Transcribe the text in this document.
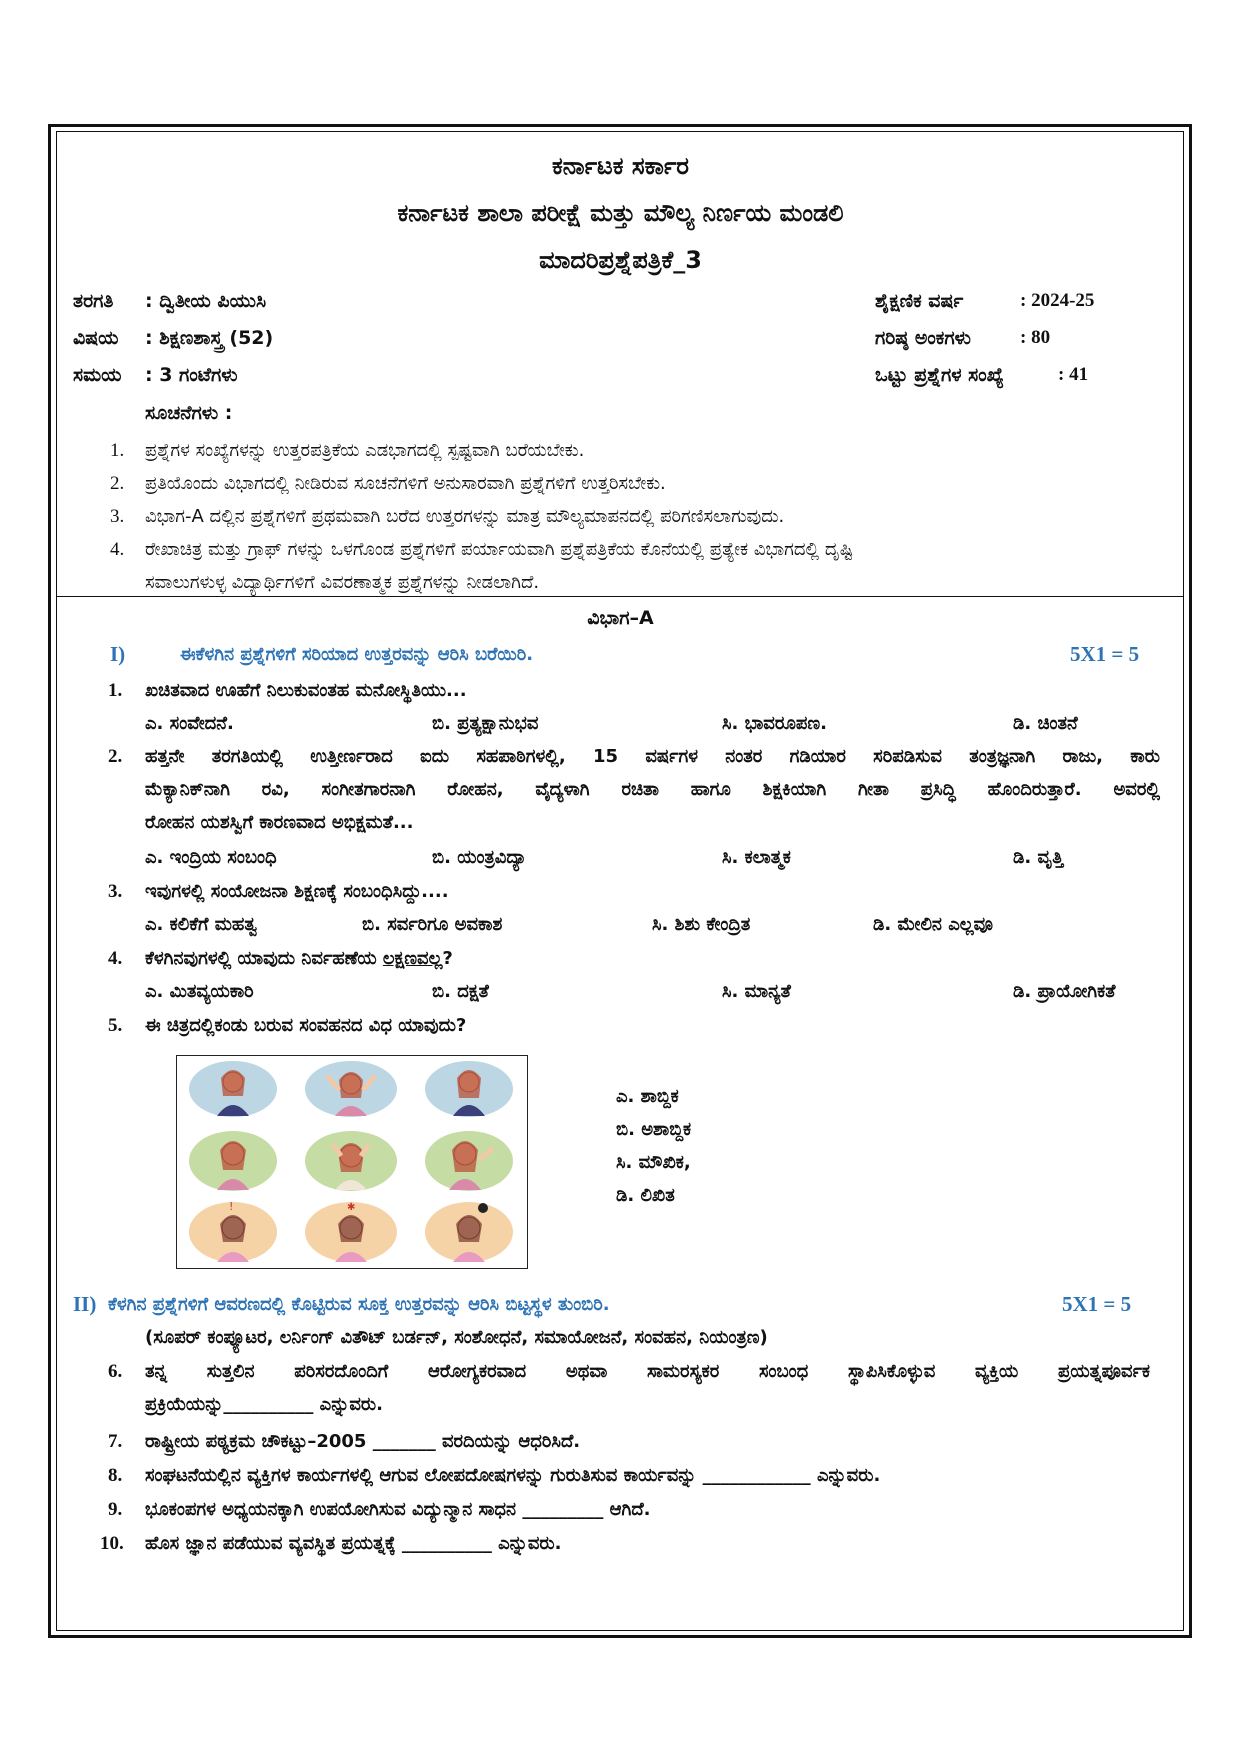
ಕರ್ನಾಟಕ ಸರ್ಕಾರ
ಕರ್ನಾಟಕ ಶಾಲಾ ಪರೀಕ್ಷೆ ಮತ್ತು ಮೌಲ್ಯ ನಿರ್ಣಯ ಮಂಡಲಿ
ಮಾದರಿಪ್ರಶ್ನೆಪತ್ರಿಕೆ_3
ತರಗತಿ : ದ್ವಿತೀಯ ಪಿಯುಸಿ
ವಿಷಯ : ಶಿಕ್ಷಣಶಾಸ್ತ್ರ (52)
ಸಮಯ : 3 ಗಂಟೆಗಳು
ಶೈಕ್ಷಣಿಕ ವರ್ಷ	: 2024-25
ಗರಿಷ್ಠ ಅಂಕಗಳು	: 80
ಒಟ್ಟು ಪ್ರಶ್ನೆಗಳ ಸಂಖ್ಯೆ	: 41
ಸೂಚನೆಗಳು :
1. ಪ್ರಶ್ನೆಗಳ ಸಂಖ್ಯೆಗಳನ್ನು ಉತ್ತರಪತ್ರಿಕೆಯ ಎಡಭಾಗದಲ್ಲಿ ಸ್ಪಷ್ಟವಾಗಿ ಬರೆಯಬೇಕು.
2. ಪ್ರತಿಯೊಂದು ವಿಭಾಗದಲ್ಲಿ ನೀಡಿರುವ ಸೂಚನೆಗಳಿಗೆ ಅನುಸಾರವಾಗಿ ಪ್ರಶ್ನೆಗಳಿಗೆ ಉತ್ತರಿಸಬೇಕು.
3. ವಿಭಾಗ-A ದಲ್ಲಿನ ಪ್ರಶ್ನೆಗಳಿಗೆ ಪ್ರಥಮವಾಗಿ ಬರೆದ ಉತ್ತರಗಳನ್ನು ಮಾತ್ರ ಮೌಲ್ಯಮಾಪನದಲ್ಲಿ ಪರಿಗಣಿಸಲಾಗುವುದು.
4. ರೇಖಾಚಿತ್ರ ಮತ್ತು ಗ್ರಾಫ್ ಗಳನ್ನು ಒಳಗೊಂಡ ಪ್ರಶ್ನೆಗಳಿಗೆ ಪರ್ಯಾಯವಾಗಿ ಪ್ರಶ್ನೆಪತ್ರಿಕೆಯ ಕೊನೆಯಲ್ಲಿ ಪ್ರತ್ಯೇಕ ವಿಭಾಗದಲ್ಲಿ ದೃಷ್ಟಿ
ಸವಾಲುಗಳುಳ್ಳ ವಿದ್ಯಾರ್ಥಿಗಳಿಗೆ ವಿವರಣಾತ್ಮಕ ಪ್ರಶ್ನೆಗಳನ್ನು ನೀಡಲಾಗಿದೆ.
ವಿಭಾಗ–A
I)	ಈಕೆಳಗಿನ ಪ್ರಶ್ನೆಗಳಿಗೆ ಸರಿಯಾದ ಉತ್ತರವನ್ನು ಆರಿಸಿ ಬರೆಯಿರಿ.	5X1 = 5
1. ಖಚಿತವಾದ ಊಹೆಗೆ ನಿಲುಕುವಂತಹ ಮನೋಸ್ಥಿತಿಯು...
ಎ. ಸಂವೇದನೆ.	ಬಿ. ಪ್ರತ್ಯಕ್ಷಾನುಭವ	ಸಿ. ಭಾವರೂಪಣ.	ಡಿ. ಚಿಂತನೆ
2. ಹತ್ತನೇ ತರಗತಿಯಲ್ಲಿ ಉತ್ತೀರ್ಣರಾದ ಐದು ಸಹಪಾಠಿಗಳಲ್ಲಿ, 15 ವರ್ಷಗಳ ನಂತರ ಗಡಿಯಾರ ಸರಿಪಡಿಸುವ ತಂತ್ರಜ್ಞನಾಗಿ ರಾಜು, ಕಾರು
ಮೆಕ್ಯಾನಿಕ್‌ನಾಗಿ ರವಿ, ಸಂಗೀತಗಾರನಾಗಿ ರೋಹನ, ವೈದ್ಯಳಾಗಿ ರಚಿತಾ ಹಾಗೂ ಶಿಕ್ಷಕಿಯಾಗಿ ಗೀತಾ ಪ್ರಸಿದ್ಧಿ ಹೊಂದಿರುತ್ತಾರೆ. ಅವರಲ್ಲಿ
ರೋಹನ ಯಶಸ್ವಿಗೆ ಕಾರಣವಾದ ಅಭಿಕ್ಷಮತೆ...
ಎ. ಇಂದ್ರಿಯ ಸಂಬಂಧಿ	ಬಿ. ಯಂತ್ರವಿದ್ಯಾ	ಸಿ. ಕಲಾತ್ಮಕ	ಡಿ. ವೃತ್ತಿ
3. ಇವುಗಳಲ್ಲಿ ಸಂಯೋಜನಾ ಶಿಕ್ಷಣಕ್ಕೆ ಸಂಬಂಧಿಸಿದ್ದು....
ಎ. ಕಲಿಕೆಗೆ ಮಹತ್ವ	ಬಿ. ಸರ್ವರಿಗೂ ಅವಕಾಶ	ಸಿ. ಶಿಶು ಕೇಂದ್ರಿತ	ಡಿ. ಮೇಲಿನ ಎಲ್ಲವೂ
4. ಕೆಳಗಿನವುಗಳಲ್ಲಿ ಯಾವುದು ನಿರ್ವಹಣೆಯ ಲಕ್ಷಣವಲ್ಲ?
ಎ. ಮಿತವ್ಯಯಕಾರಿ	ಬಿ. ದಕ್ಷತೆ	ಸಿ. ಮಾನ್ಯತೆ	ಡಿ. ಪ್ರಾಯೋಗಿಕತೆ
5. ಈ ಚಿತ್ರದಲ್ಲಿಕಂಡು ಬರುವ ಸಂವಹನದ ವಿಧ ಯಾವುದು?
!	✱
ಎ. ಶಾಬ್ದಿಕ
ಬಿ. ಅಶಾಬ್ದಿಕ
ಸಿ. ಮೌಖಿಕ,
ಡಿ. ಲಿಖಿತ
II) ಕೆಳಗಿನ ಪ್ರಶ್ನೆಗಳಿಗೆ ಆವರಣದಲ್ಲಿ ಕೊಟ್ಟಿರುವ ಸೂಕ್ತ ಉತ್ತರವನ್ನು ಆರಿಸಿ ಬಿಟ್ಟಸ್ಥಳ ತುಂಬಿರಿ.	5X1 = 5
(ಸೂಪರ್ ಕಂಪ್ಯೂಟರ, ಲರ್ನಿಂಗ್ ವಿತೌಟ್ ಬರ್ಡನ್, ಸಂಶೋಧನೆ, ಸಮಾಯೋಜನೆ, ಸಂವಹನ, ನಿಯಂತ್ರಣ)
6. ತನ್ನ ಸುತ್ತಲಿನ ಪರಿಸರದೊಂದಿಗೆ ಆರೋಗ್ಯಕರವಾದ ಅಥವಾ ಸಾಮರಸ್ಯಕರ ಸಂಬಂಧ ಸ್ಥಾಪಿಸಿಕೊಳ್ಳುವ ವ್ಯಕ್ತಿಯ ಪ್ರಯತ್ನಪೂರ್ವಕ
ಪ್ರಕ್ರಿಯೆಯನ್ನು__________ ಎನ್ನುವರು.
7. ರಾಷ್ಟ್ರೀಯ ಪಠ್ಯಕ್ರಮ ಚೌಕಟ್ಟು–2005 _______ ವರದಿಯನ್ನು ಆಧರಿಸಿದೆ.
8. ಸಂಘಟನೆಯಲ್ಲಿನ ವ್ಯಕ್ತಿಗಳ ಕಾರ್ಯಗಳಲ್ಲಿ ಆಗುವ ಲೋಪದೋಷಗಳನ್ನು ಗುರುತಿಸುವ ಕಾರ್ಯವನ್ನು ____________ ಎನ್ನುವರು.
9. ಭೂಕಂಪಗಳ ಅಧ್ಯಯನಕ್ಕಾಗಿ ಉಪಯೋಗಿಸುವ ವಿದ್ಯುನ್ಮಾನ ಸಾಧನ _________ ಆಗಿದೆ.
10. ಹೊಸ ಜ್ಞಾನ ಪಡೆಯುವ ವ್ಯವಸ್ಥಿತ ಪ್ರಯತ್ನಕ್ಕೆ __________ ಎನ್ನುವರು.
